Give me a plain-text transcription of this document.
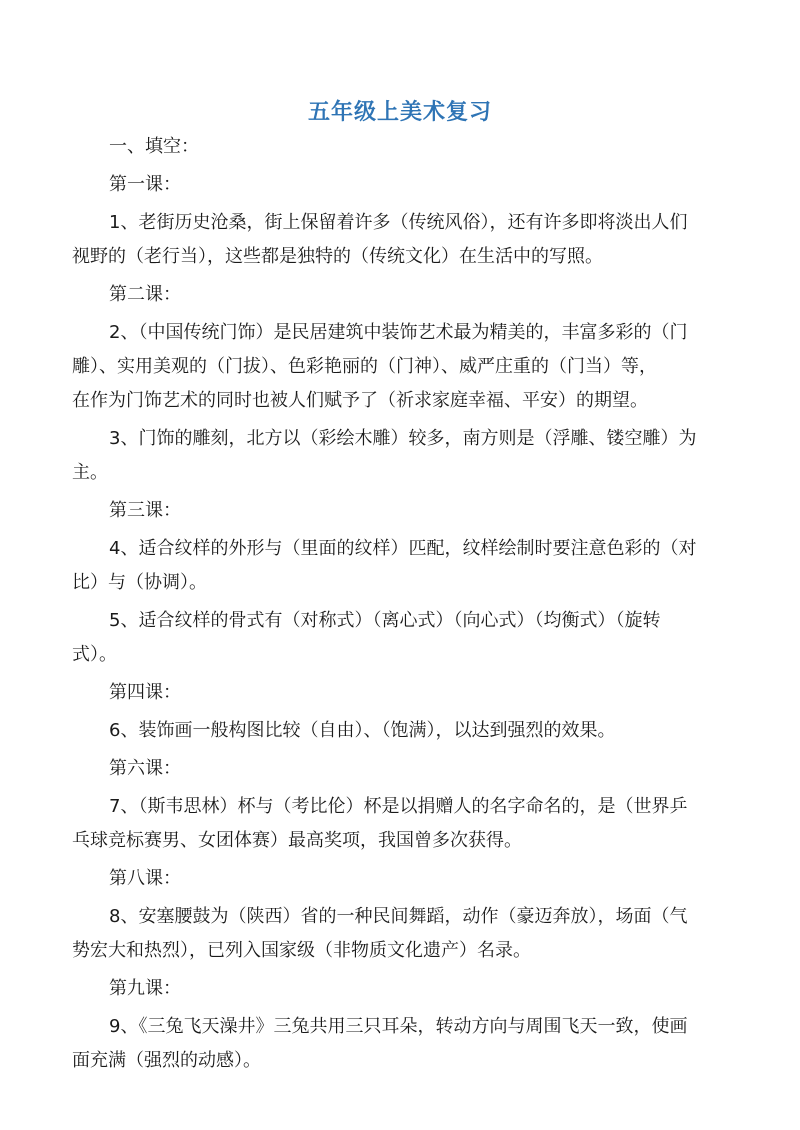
五年级上美术复习

一、填空：

第一课：

1、老街历史沧桑，街上保留着许多（传统风俗），还有许多即将淡出人们

视野的（老行当），这些都是独特的（传统文化）在生活中的写照。

第二课：

2、（中国传统门饰）是民居建筑中装饰艺术最为精美的，丰富多彩的（门

雕）、实用美观的（门拔）、色彩艳丽的（门神）、威严庄重的（门当）等，

在作为门饰艺术的同时也被人们赋予了（祈求家庭幸福、平安）的期望。

3、门饰的雕刻，北方以（彩绘木雕）较多，南方则是（浮雕、镂空雕）为

主。

第三课：

4、适合纹样的外形与（里面的纹样）匹配，纹样绘制时要注意色彩的（对

比）与（协调）。

5、适合纹样的骨式有（对称式）（离心式）（向心式）（均衡式）（旋转

式）。

第四课：

6、装饰画一般构图比较（自由）、（饱满），以达到强烈的效果。

第六课：

7、（斯韦思林）杯与（考比伦）杯是以捐赠人的名字命名的，是（世界乒

乓球竞标赛男、女团体赛）最高奖项，我国曾多次获得。

第八课：

8、安塞腰鼓为（陕西）省的一种民间舞蹈，动作（豪迈奔放），场面（气

势宏大和热烈），已列入国家级（非物质文化遗产）名录。

第九课：

9、《三兔飞天澡井》三兔共用三只耳朵，转动方向与周围飞天一致，使画

面充满（强烈的动感）。
